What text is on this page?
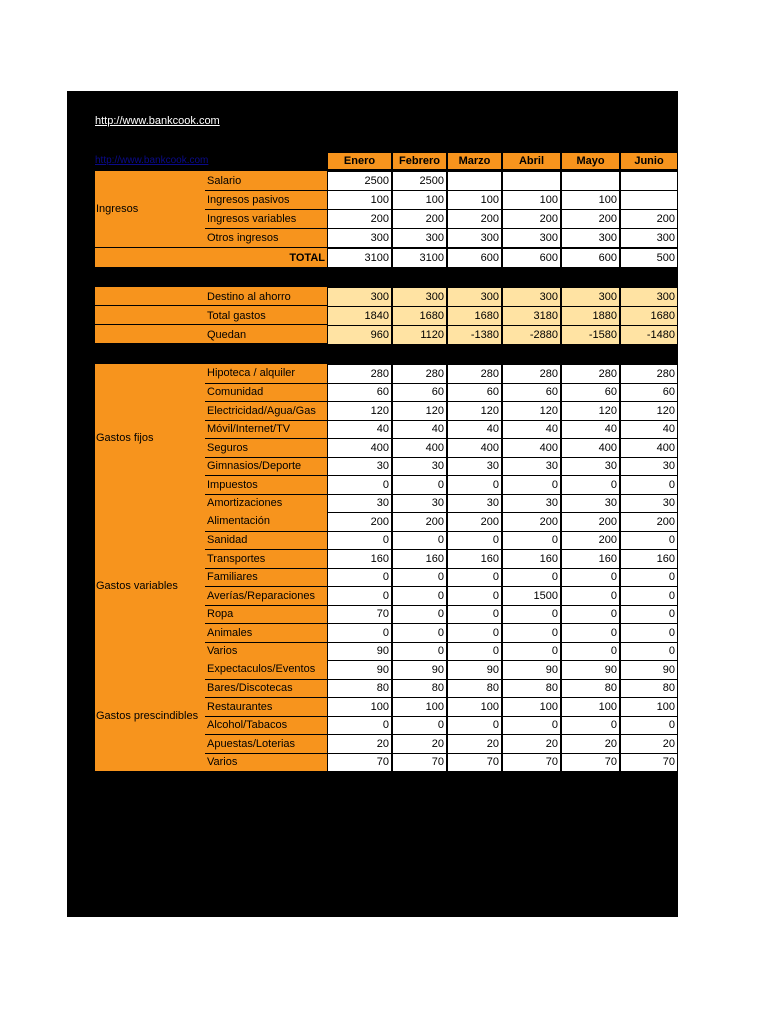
http://www.bankcook.com
http://www.bankcook.com	Enero	Febrero	Marzo	Abril	Mayo	Junio
Ingresos
Salario	2500	2500
Ingresos pasivos	100	100	100	100	100
Ingresos variables	200	200	200	200	200	200
Otros ingresos	300	300	300	300	300	300
TOTAL	3100	3100	600	600	600	500
Destino al ahorro	300	300	300	300	300	300
Total gastos	1840	1680	1680	3180	1880	1680
Quedan	960	1120	-1380	-2880	-1580	-1480
Gastos fijos
Hipoteca / alquiler	280	280	280	280	280	280
Comunidad	60	60	60	60	60	60
Electricidad/Agua/Gas	120	120	120	120	120	120
Móvil/Internet/TV	40	40	40	40	40	40
Seguros	400	400	400	400	400	400
Gimnasios/Deporte	30	30	30	30	30	30
Impuestos	0	0	0	0	0	0
Amortizaciones	30	30	30	30	30	30
Gastos variables
Alimentación	200	200	200	200	200	200
Sanidad	0	0	0	0	200	0
Transportes	160	160	160	160	160	160
Familiares	0	0	0	0	0	0
Averías/Reparaciones	0	0	0	1500	0	0
Ropa	70	0	0	0	0	0
Animales	0	0	0	0	0	0
Varios	90	0	0	0	0	0
Gastos prescindibles
Expectaculos/Eventos	90	90	90	90	90	90
Bares/Discotecas	80	80	80	80	80	80
Restaurantes	100	100	100	100	100	100
Alcohol/Tabacos	0	0	0	0	0	0
Apuestas/Loterias	20	20	20	20	20	20
Varios	70	70	70	70	70	70
